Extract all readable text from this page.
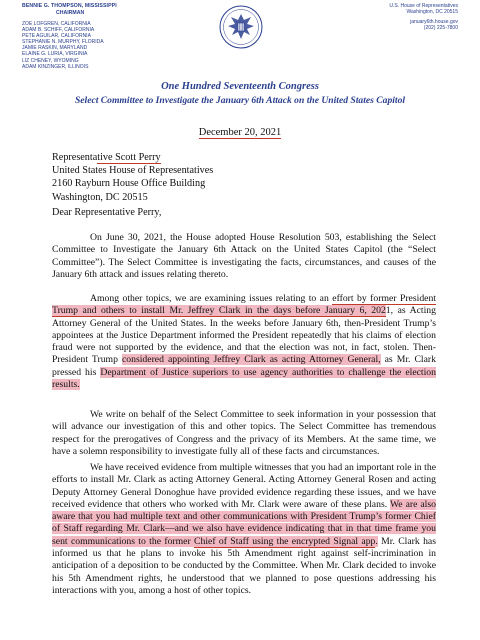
BENNIE G. THOMPSON, MISSISSIPPI
CHAIRMAN
ZOE LOFGREN, CALIFORNIA
ADAM B. SCHIFF, CALIFORNIA
PETE AGUILAR, CALIFORNIA
STEPHANIE N. MURPHY, FLORIDA
JAMIE RASKIN, MARYLAND
ELAINE G. LURIA, VIRGINIA
LIZ CHENEY, WYOMING
ADAM KINZINGER, ILLINOIS
U.S. House of Representatives
Washington, DC 20515
january6th.house.gov
(202) 225-7800
One Hundred Seventeenth Congress
Select Committee to Investigate the January 6th Attack on the United States Capitol
December 20, 2021
Representative Scott Perry
United States House of Representatives
2160 Rayburn House Office Building
Washington, DC 20515
Dear Representative Perry,
On June 30, 2021, the House adopted House Resolution 503, establishing the Select Committee to Investigate the January 6th Attack on the United States Capitol (the “Select Committee”). The Select Committee is investigating the facts, circumstances, and causes of the January 6th attack and issues relating thereto.
Among other topics, we are examining issues relating to an effort by former President Trump and others to install Mr. Jeffrey Clark in the days before January 6, 2021, as Acting Attorney General of the United States. In the weeks before January 6th, then-President Trump’s appointees at the Justice Department informed the President repeatedly that his claims of election fraud were not supported by the evidence, and that the election was not, in fact, stolen. Then-President Trump considered appointing Jeffrey Clark as acting Attorney General, as Mr. Clark pressed his Department of Justice superiors to use agency authorities to challenge the election results.
We write on behalf of the Select Committee to seek information in your possession that will advance our investigation of this and other topics. The Select Committee has tremendous respect for the prerogatives of Congress and the privacy of its Members. At the same time, we have a solemn responsibility to investigate fully all of these facts and circumstances.
We have received evidence from multiple witnesses that you had an important role in the efforts to install Mr. Clark as acting Attorney General. Acting Attorney General Rosen and acting Deputy Attorney General Donoghue have provided evidence regarding these issues, and we have received evidence that others who worked with Mr. Clark were aware of these plans. We are also aware that you had multiple text and other communications with President Trump’s former Chief of Staff regarding Mr. Clark—and we also have evidence indicating that in that time frame you sent communications to the former Chief of Staff using the encrypted Signal app. Mr. Clark has informed us that he plans to invoke his 5th Amendment right against self-incrimination in anticipation of a deposition to be conducted by the Committee. When Mr. Clark decided to invoke his 5th Amendment rights, he understood that we planned to pose questions addressing his interactions with you, among a host of other topics.
